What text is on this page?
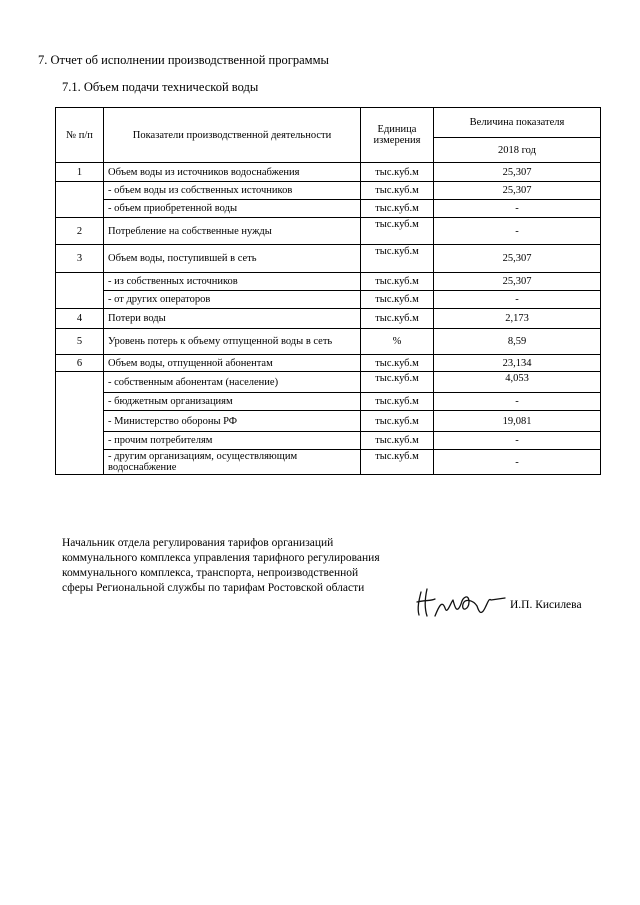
7. Отчет об исполнении производственной программы
7.1. Объем подачи технической воды
№ п/п	Показатели производственной деятельности	Единица измерения	Величина показателя
			2018 год
1	Объем воды из источников водоснабжения	тыс.куб.м	25,307
	- объем воды из собственных источников	тыс.куб.м	25,307
	- объем приобретенной воды	тыс.куб.м	-
2	Потребление на собственные нужды	тыс.куб.м	-
3	Объем воды, поступившей в сеть	тыс.куб.м	25,307
	- из собственных источников	тыс.куб.м	25,307
	- от других операторов	тыс.куб.м	-
4	Потери воды	тыс.куб.м	2,173
5	Уровень потерь к объему отпущенной воды в сеть	%	8,59
6	Объем воды, отпущенной абонентам	тыс.куб.м	23,134
	- собственным абонентам (население)	тыс.куб.м	4,053
	- бюджетным организациям	тыс.куб.м	-
	- Министерство обороны РФ	тыс.куб.м	19,081
	- прочим потребителям	тыс.куб.м	-
	- другим организациям, осуществляющим водоснабжение	тыс.куб.м	-
Начальник отдела регулирования тарифов организаций коммунального комплекса управления тарифного регулирования коммунального комплекса, транспорта, непроизводственной сферы Региональной службы по тарифам Ростовской области
И.П. Кисилева
